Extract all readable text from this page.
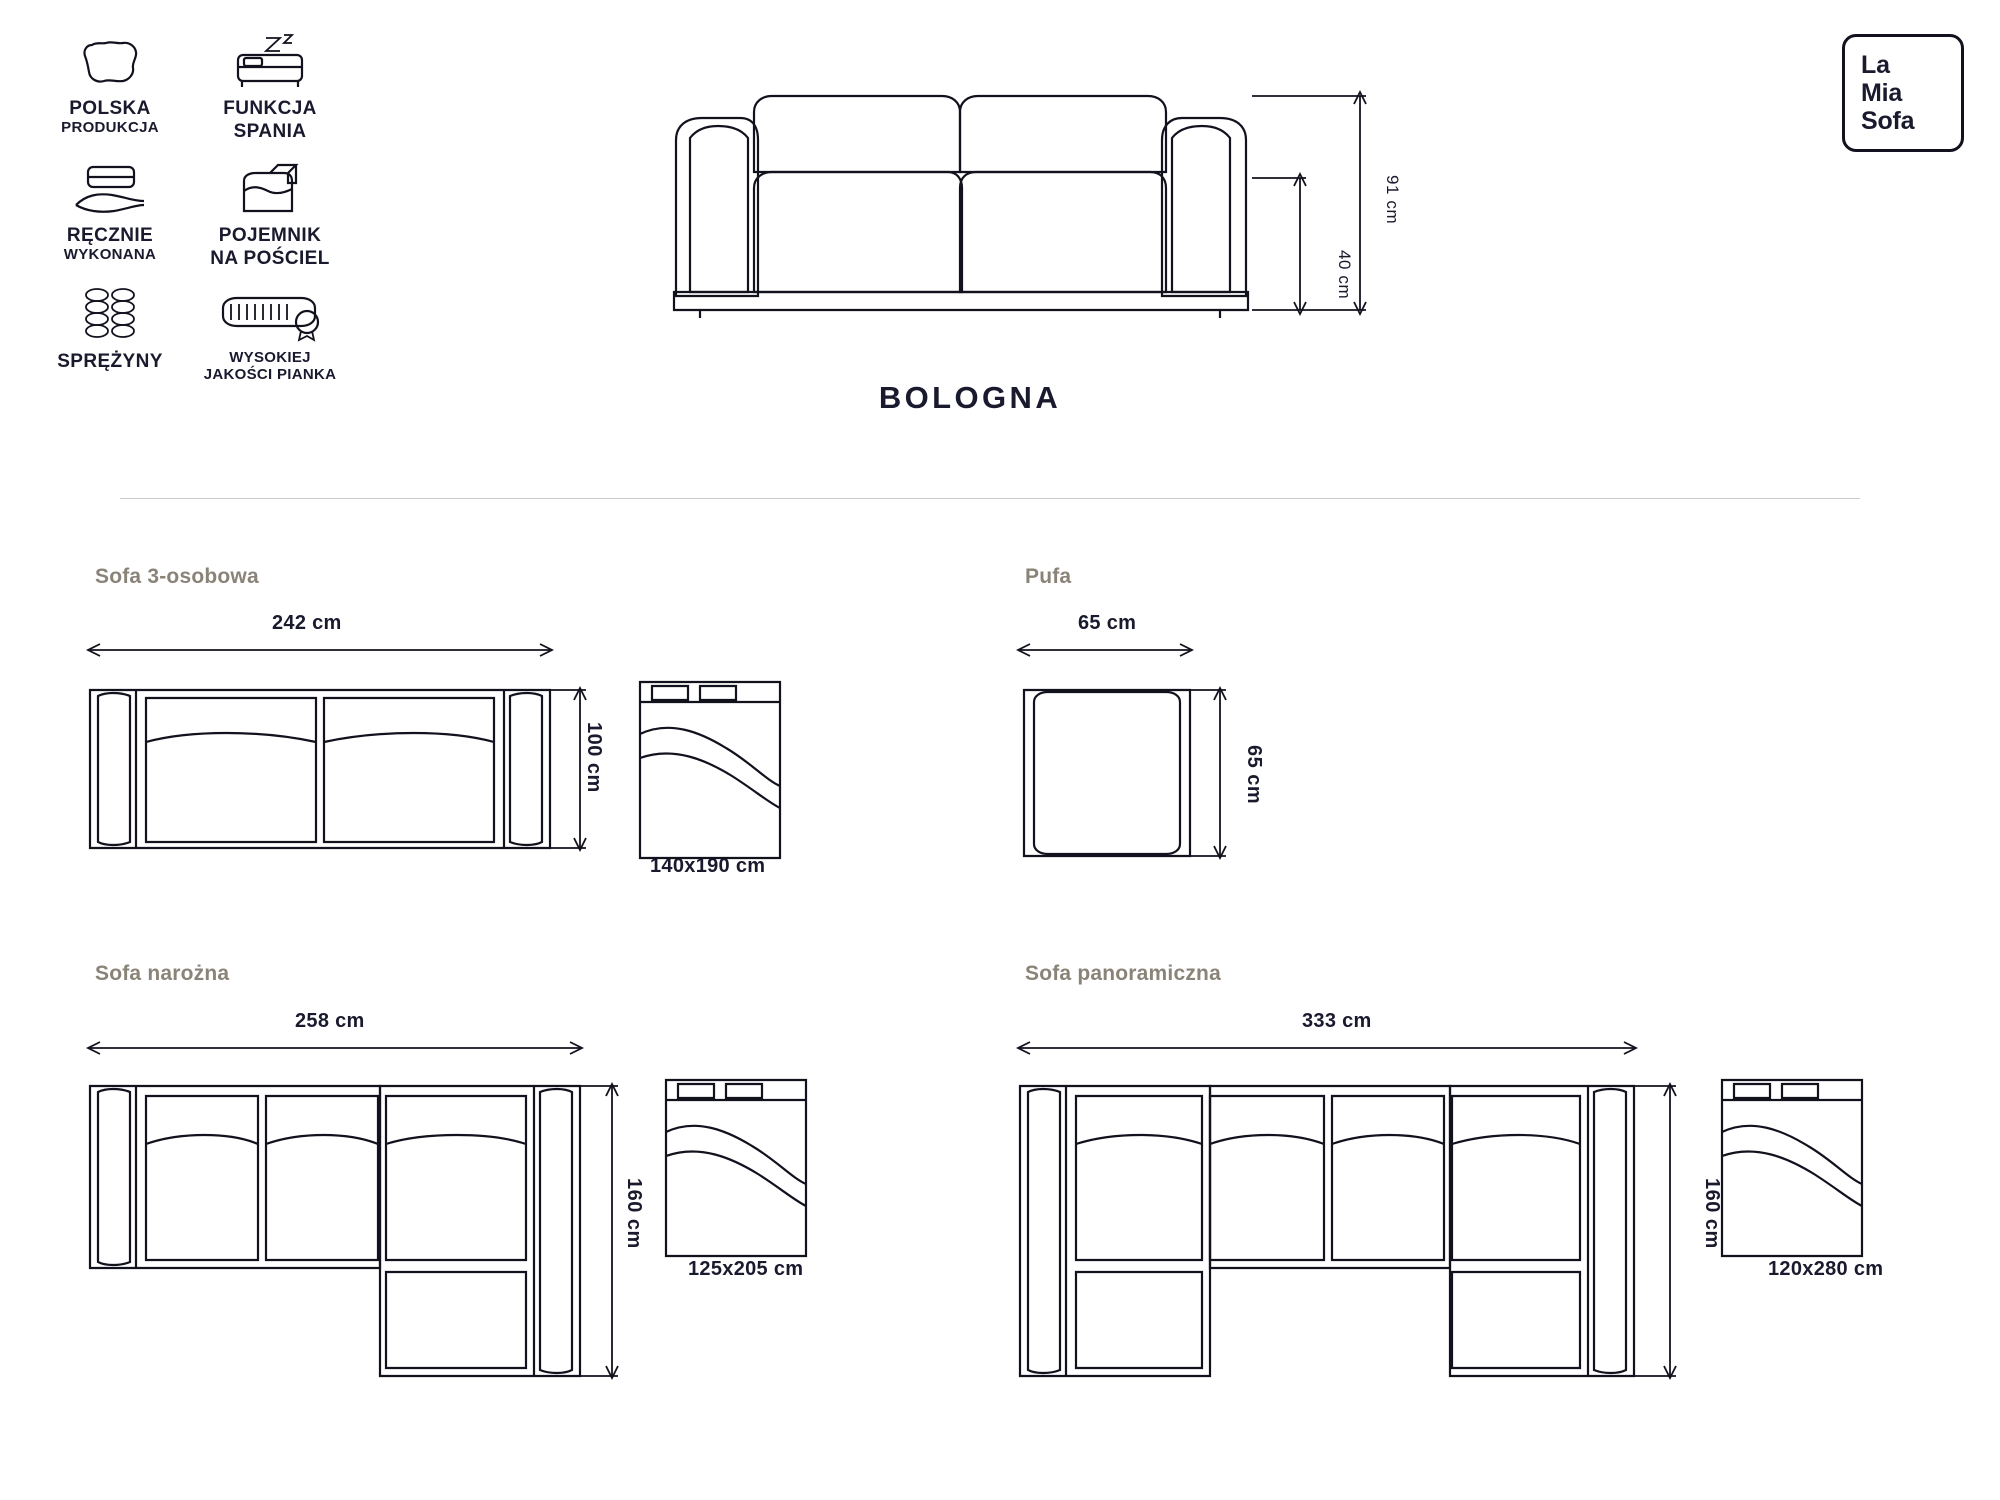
POLSKA
PRODUKCJA
FUNKCJA
SPANIA
RĘCZNIE
WYKONANA
POJEMNIK
NA POŚCIEL
SPRĘŻYNY	WYSOKIEJ
JAKOŚCI PIANKA
La
Mia
Sofa
91 cm
40 cm
BOLOGNA
Sofa 3-osobowa
242 cm
100 cm
140x190 cm
Pufa
65 cm
65 cm
Sofa narożna
258 cm
160 cm
125x205 cm
Sofa panoramiczna
333 cm
160 cm
120x280 cm
